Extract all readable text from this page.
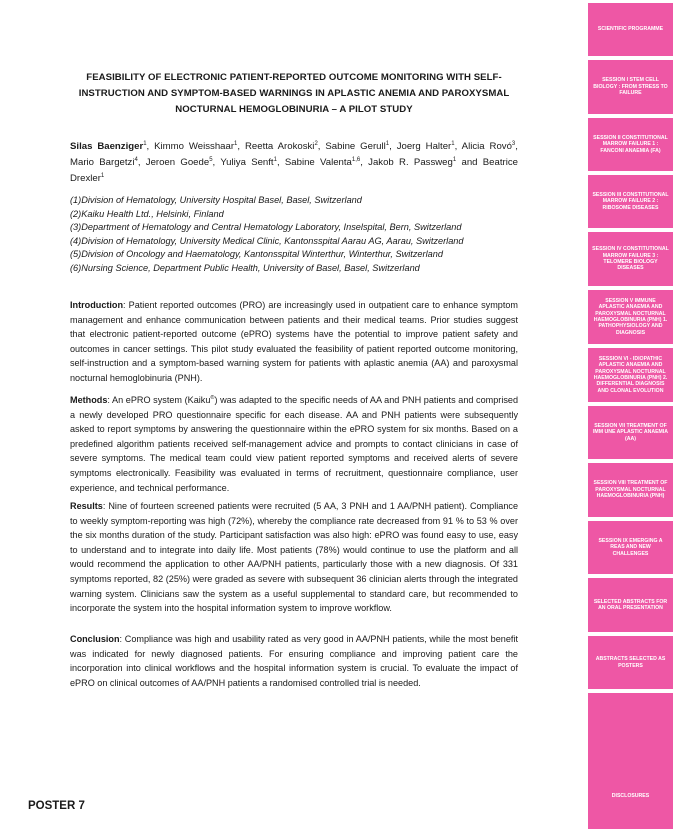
FEASIBILITY OF ELECTRONIC PATIENT-REPORTED OUTCOME MONITORING WITH SELF-INSTRUCTION AND SYMPTOM-BASED WARNINGS IN APLASTIC ANEMIA AND PAROXYSMAL NOCTURNAL HEMOGLOBINURIA – A PILOT STUDY
Silas Baenziger$^1$, Kimmo Weisshaar$^1$, Reetta Arokoski$^2$, Sabine Gerull$^1$, Joerg Halter$^1$, Alicia Rovó$^3$, Mario Bargetzi$^4$, Jeroen Goede$^5$, Yuliya Senft$^1$, Sabine Valenta$^{1,6}$, Jakob R. Passweg$^1$ and Beatrice Drexler$^1$
(1)Division of Hematology, University Hospital Basel, Basel, Switzerland
(2)Kaiku Health Ltd., Helsinki, Finland
(3)Department of Hematology and Central Hematology Laboratory, Inselspital, Bern, Switzerland
(4)Division of Hematology, University Medical Clinic, Kantonsspital Aarau AG, Aarau, Switzerland
(5)Division of Oncology and Haematology, Kantonsspital Winterthur, Winterthur, Switzerland
(6)Nursing Science, Department Public Health, University of Basel, Basel, Switzerland
Introduction: Patient reported outcomes (PRO) are increasingly used in outpatient care to enhance symptom management and enhance communication between patients and their medical teams. Prior studies suggest that electronic patient-reported outcome (ePRO) systems have the potential to improve patient safety and outcomes in cancer settings. This pilot study evaluated the feasibility of patient reported outcome monitoring, self-instruction and a symptom-based warning system for patients with aplastic anemia (AA) and paroxysmal nocturnal hemoglobinuria (PNH).
Methods: An ePRO system (Kaiku®) was adapted to the specific needs of AA and PNH patients and comprised a newly developed PRO questionnaire specific for each disease. AA and PNH patients were subsequently asked to report symptoms by answering the questionnaire within the ePRO system for six months. Based on a predefined algorithm patients received self-management advice and prompts to contact clinicians in case of severe symptoms. The medical team could view patient reported symptoms and received alerts of severe symptoms electronically. Feasibility was evaluated in terms of recruitment, questionnaire compliance, user experience, and technical performance.
Results: Nine of fourteen screened patients were recruited (5 AA, 3 PNH and 1 AA/PNH patient). Compliance to weekly symptom-reporting was high (72%), whereby the compliance rate decreased from 91 % to 53 % over the six months duration of the study. Participant satisfaction was also high: ePRO was found easy to use, easy to understand and to integrate into daily life. Most patients (78%) would continue to use the platform and all would recommend the application to other AA/PNH patients, particularly those with a new diagnosis. Of 331 symptoms reported, 82 (25%) were graded as severe with subsequent 36 clinician alerts through the integrated warning system. Clinicians saw the system as a useful supplemental to standard care, but recommended to incorporate the system into the hospital information system to improve workflow.
Conclusion: Compliance was high and usability rated as very good in AA/PNH patients, while the most benefit was indicated for newly diagnosed patients. For ensuring compliance and improving patient care the incorporation into clinical workflows and the hospital information system is crucial. To evaluate the impact of ePRO on clinical outcomes of AA/PNH patients a randomised controlled trial is needed.
POSTER 7
SCIENTIFIC PROGRAMME
SESSION I STEM CELL BIOLOGY : FROM STRESS TO FAILURE
SESSION II CONSTITUTIONAL MARROW FAILURE 1 : FANCONI ANAEMIA (FA)
SESSION III CONSTITUTIONAL MARROW FAILURE 2 : RIBOSOME DISEASES
SESSION IV CONSTITUTIONAL MARROW FAILURE 3 : TELOMERE BIOLOGY DISEASES
SESSION V IMMUNE APLASTIC ANAEMIA AND PAROXYSMAL NOCTURNAL HAEMOGLOBINURIA (PNH) 1. PATHOPHYSIOLOGY AND DIAGNOSIS
SESSION VI - IDIOPATHIC APLASTIC ANAEMIA AND PAROXYSMAL NOCTURNAL HAEMOGLOBINURIA (PNH) 2. DIFFERENTIAL DIAGNOSIS AND CLONAL EVOLUTION
SESSION VII TREATMENT OF IMM UNE APLASTIC ANAEMIA (AA)
SESSION VIII TREATMENT OF PAROXYSMAL NOCTURNAL HAEMOGLOBINURIA (PNH)
SESSION IX EMERGING A REAS AND NEW CHALLENGES
SELECTED ABSTRACTS FOR AN ORAL PRESENTATION
ABSTRACTS SELECTED AS POSTERS
DISCLOSURES
